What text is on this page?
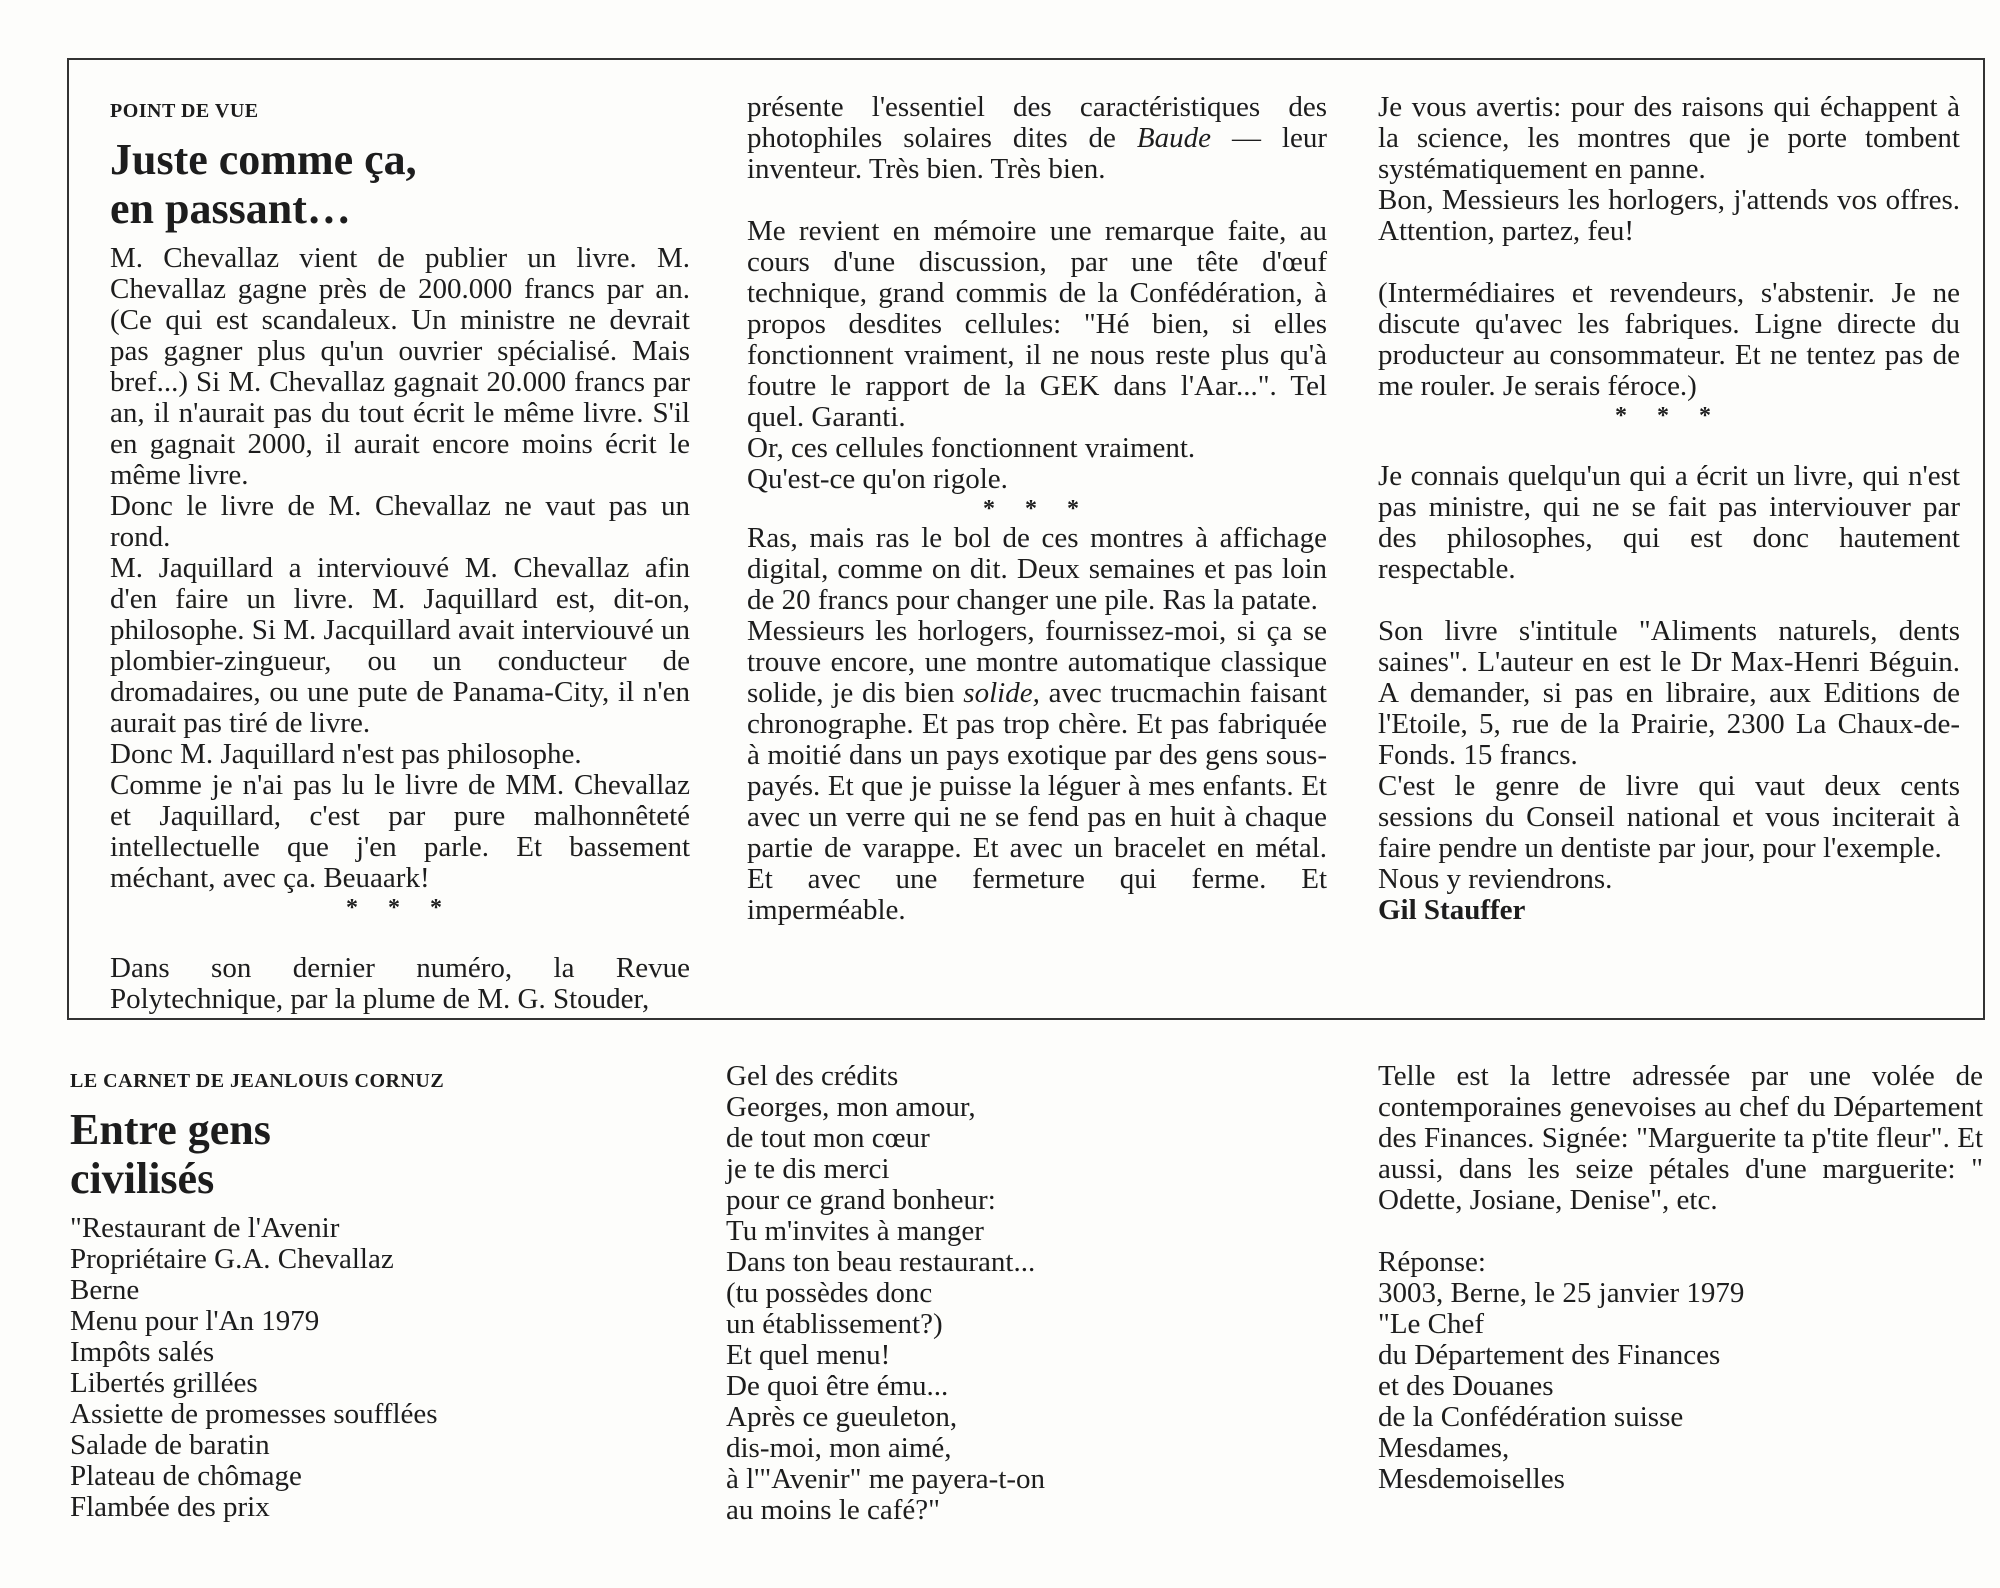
POINT DE VUE
Juste comme ça,
en passant…

M. Chevallaz vient de publier un livre. M. Chevallaz gagne près de 200.000 francs par an. (Ce qui est scandaleux. Un ministre ne devrait pas gagner plus qu'un ouvrier spécialisé. Mais bref...) Si M. Chevallaz gagnait 20.000 francs par an, il n'aurait pas du tout écrit le même livre. S'il en gagnait 2000, il aurait encore moins écrit le même livre.

Donc le livre de M. Chevallaz ne vaut pas un rond.

M. Jaquillard a interviouvé M. Chevallaz afin d'en faire un livre. M. Jaquillard est, dit-on, philosophe. Si M. Jacquillard avait interviouvé un plombier-zingueur, ou un conducteur de dromadaires, ou une pute de Panama-City, il n'en aurait pas tiré de livre.

Donc M. Jaquillard n'est pas philosophe.

Comme je n'ai pas lu le livre de MM. Chevallaz et Jaquillard, c'est par pure malhonnêteté intellectuelle que j'en parle. Et bassement méchant, avec ça. Beuaark!

* * *

Dans son dernier numéro, la Revue Polytechnique, par la plume de M. G. Stouder,

présente l'essentiel des caractéristiques des photophiles solaires dites de Baude — leur inventeur. Très bien. Très bien.

Me revient en mémoire une remarque faite, au cours d'une discussion, par une tête d'œuf technique, grand commis de la Confédération, à propos desdites cellules: "Hé bien, si elles fonctionnent vraiment, il ne nous reste plus qu'à foutre le rapport de la GEK dans l'Aar...". Tel quel. Garanti.

Or, ces cellules fonctionnent vraiment.

Qu'est-ce qu'on rigole.

* * *

Ras, mais ras le bol de ces montres à affichage digital, comme on dit. Deux semaines et pas loin de 20 francs pour changer une pile. Ras la patate.

Messieurs les horlogers, fournissez-moi, si ça se trouve encore, une montre automatique classique solide, je dis bien solide, avec trucmachin faisant chronographe. Et pas trop chère. Et pas fabriquée à moitié dans un pays exotique par des gens sous-payés. Et que je puisse la léguer à mes enfants. Et avec un verre qui ne se fend pas en huit à chaque partie de varappe. Et avec un bracelet en métal. Et avec une fermeture qui ferme. Et imperméable.

Je vous avertis: pour des raisons qui échappent à la science, les montres que je porte tombent systématiquement en panne.

Bon, Messieurs les horlogers, j'attends vos offres. Attention, partez, feu!

(Intermédiaires et revendeurs, s'abstenir. Je ne discute qu'avec les fabriques. Ligne directe du producteur au consommateur. Et ne tentez pas de me rouler. Je serais féroce.)

* * *

Je connais quelqu'un qui a écrit un livre, qui n'est pas ministre, qui ne se fait pas interviouver par des philosophes, qui est donc hautement respectable.

Son livre s'intitule "Aliments naturels, dents saines". L'auteur en est le Dr Max-Henri Béguin. A demander, si pas en libraire, aux Editions de l'Etoile, 5, rue de la Prairie, 2300 La Chaux-de-Fonds. 15 francs.

C'est le genre de livre qui vaut deux cents sessions du Conseil national et vous inciterait à faire pendre un dentiste par jour, pour l'exemple.

Nous y reviendrons.

Gil Stauffer

LE CARNET DE JEANLOUIS CORNUZ
Entre gens
civilisés
"Restaurant de l'Avenir
Propriétaire G.A. Chevallaz
Berne
Menu pour l'An 1979
Impôts salés
Libertés grillées
Assiette de promesses soufflées
Salade de baratin
Plateau de chômage
Flambée des prix
Gel des crédits
Georges, mon amour,
de tout mon cœur
je te dis merci
pour ce grand bonheur:
Tu m'invites à manger
Dans ton beau restaurant...
(tu possèdes donc
un établissement?)
Et quel menu!
De quoi être ému...
Après ce gueuleton,
dis-moi, mon aimé,
à l'"Avenir" me payera-t-on
au moins le café?"

Telle est la lettre adressée par une volée de contemporaines genevoises au chef du Département des Finances. Signée: "Marguerite ta p'tite fleur". Et aussi, dans les seize pétales d'une marguerite: " Odette, Josiane, Denise", etc.

Réponse:
3003, Berne, le 25 janvier 1979
"Le Chef
du Département des Finances
et des Douanes
de la Confédération suisse
Mesdames,
Mesdemoiselles
